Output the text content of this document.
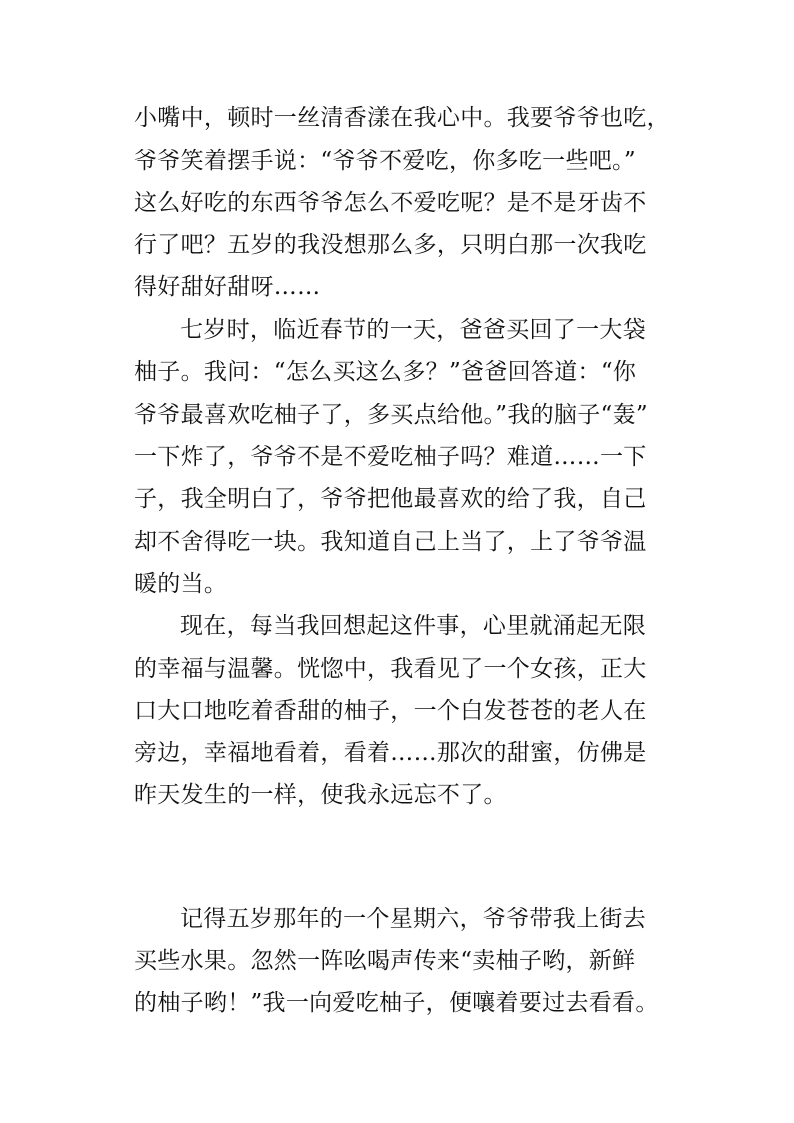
小嘴中，顿时一丝清香漾在我心中。我要爷爷也吃，
爷爷笑着摆手说：“爷爷不爱吃，你多吃一些吧。”
这么好吃的东西爷爷怎么不爱吃呢？是不是牙齿不
行了吧？五岁的我没想那么多，只明白那一次我吃
得好甜好甜呀……
七岁时，临近春节的一天，爸爸买回了一大袋
柚子。我问：“怎么买这么多？”爸爸回答道：“你
爷爷最喜欢吃柚子了，多买点给他。”我的脑子“轰”
一下炸了，爷爷不是不爱吃柚子吗？难道……一下
子，我全明白了，爷爷把他最喜欢的给了我，自己
却不舍得吃一块。我知道自己上当了，上了爷爷温
暖的当。
现在，每当我回想起这件事，心里就涌起无限
的幸福与温馨。恍惚中，我看见了一个女孩，正大
口大口地吃着香甜的柚子，一个白发苍苍的老人在
旁边，幸福地看着，看着……那次的甜蜜，仿佛是
昨天发生的一样，使我永远忘不了。
记得五岁那年的一个星期六，爷爷带我上街去
买些水果。忽然一阵吆喝声传来“卖柚子哟，新鲜
的柚子哟！”我一向爱吃柚子，便嚷着要过去看看。
